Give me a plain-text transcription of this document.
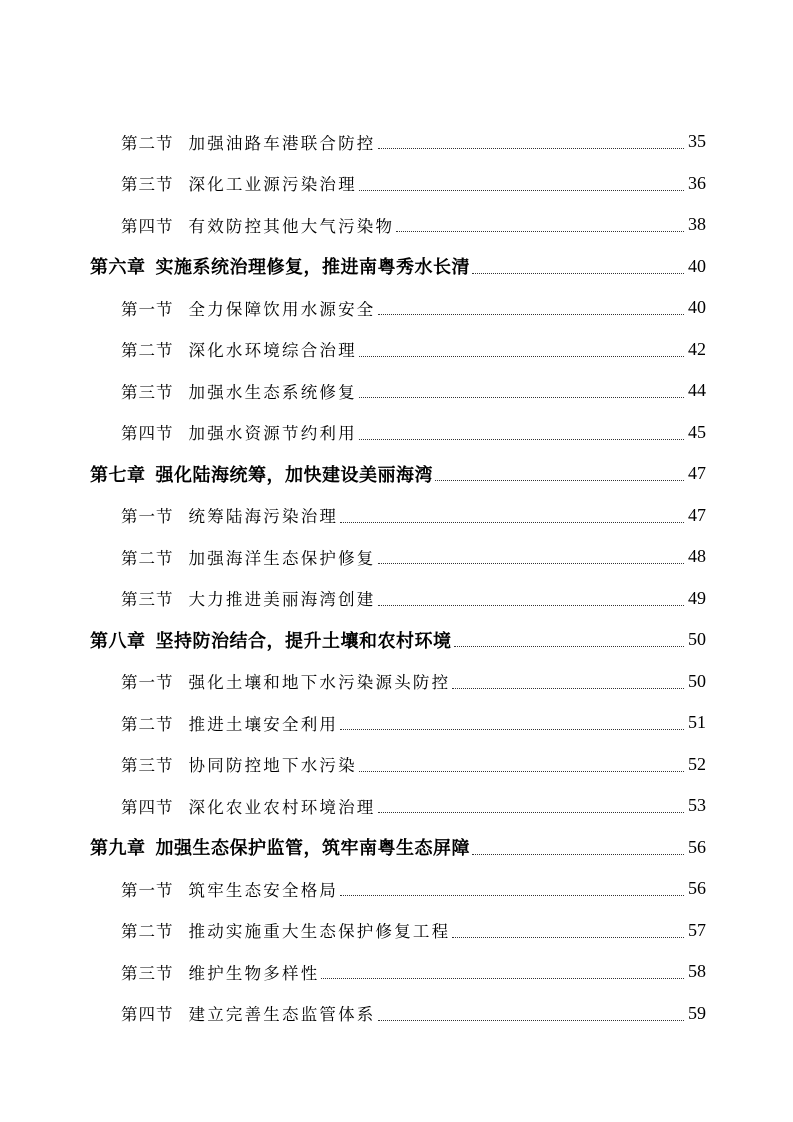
第二节 加强油路车港联合防控	35
第三节 深化工业源污染治理	36
第四节 有效防控其他大气污染物	38
第六章 实施系统治理修复，推进南粤秀水长清	40
第一节 全力保障饮用水源安全	40
第二节 深化水环境综合治理	42
第三节 加强水生态系统修复	44
第四节 加强水资源节约利用	45
第七章 强化陆海统筹，加快建设美丽海湾	47
第一节 统筹陆海污染治理	47
第二节 加强海洋生态保护修复	48
第三节 大力推进美丽海湾创建	49
第八章 坚持防治结合，提升土壤和农村环境	50
第一节 强化土壤和地下水污染源头防控	50
第二节 推进土壤安全利用	51
第三节 协同防控地下水污染	52
第四节 深化农业农村环境治理	53
第九章 加强生态保护监管，筑牢南粤生态屏障	56
第一节 筑牢生态安全格局	56
第二节 推动实施重大生态保护修复工程	57
第三节 维护生物多样性	58
第四节 建立完善生态监管体系	59
